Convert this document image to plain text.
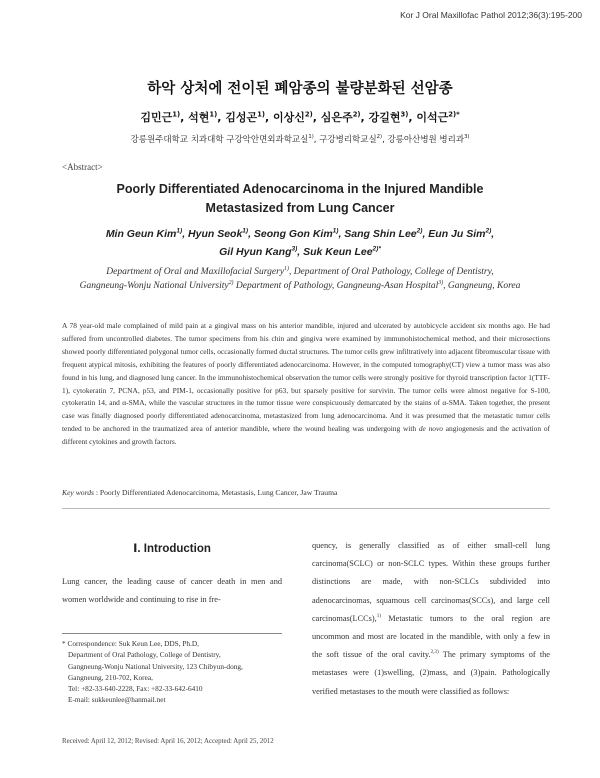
Kor J Oral Maxillofac Pathol 2012;36(3):195-200
하악 상처에 전이된 폐암종의 불량분화된 선암종
김민근$^{1)}$, 석현$^{1)}$, 김성곤$^{1)}$, 이상신$^{2)}$, 심은주$^{2)}$, 강길현$^{3)}$, 이석근$^{2)*}$
강릉원주대학교 치과대학 구강악안면외과학교실$^{1)}$, 구강병리학교실$^{2)}$, 강릉아산병원 병리과$^{3)}$
<Abstract>
Poorly Differentiated Adenocarcinoma in the Injured Mandible
Metastasized from Lung Cancer
Min Geun Kim$^{1)}$, Hyun Seok$^{1)}$, Seong Gon Kim$^{1)}$, Sang Shin Lee$^{2)}$, Eun Ju Sim$^{2)}$,
Gil Hyun Kang$^{3)}$, Suk Keun Lee$^{2)*}$
Department of Oral and Maxillofacial Surgery$^{1)}$, Department of Oral Pathology, College of Dentistry,
Gangneung-Wonju National University$^{2)}$ Department of Pathology, Gangneung-Asan Hospital$^{3)}$, Gangneung, Korea
A 78 year-old male complained of mild pain at a gingival mass on his anterior mandible, injured and ulcerated by autobicycle accident six months ago. He had suffered from uncontrolled diabetes. The tumor specimens from his chin and gingiva were examined by immunohistochemical method, and their microsections showed poorly differentiated polygonal tumor cells, occasionally formed ductal structures. The tumor cells grew infiltratively into adjacent fibromuscular tissue with frequent atypical mitosis, exhibiting the features of poorly differentiated adenocarcinoma. However, in the computed tomography(CT) view a tumor mass was also found in his lung, and diagnosed lung cancer. In the immunohistochemical observation the tumor cells were strongly positive for thyroid transcription factor 1(TTF-1), cytokeratin 7, PCNA, p53, and PIM-1, occasionally positive for p63, but sparsely positive for survivin. The tumor cells were almost negative for S-100, cytokeratin 14, and α-SMA, while the vascular structures in the tumor tissue were conspicuously demarcated by the stains of α-SMA. Taken together, the present case was finally diagnosed poorly differentiated adenocarcinoma, metastasized from lung adenocarcinoma. And it was presumed that the metastatic tumor cells tended to be anchored in the traumatized area of anterior mandible, where the wound healing was undergoing with de novo angiogenesis and the activation of different cytokines and growth factors.
Key words : Poorly Differentiated Adenocarcinoma, Metastasis, Lung Cancer, Jaw Trauma
Ⅰ. Introduction
Lung cancer, the leading cause of cancer death in men and women worldwide and continuing to rise in fre-
* Correspondence: Suk Keun Lee, DDS, Ph.D,
Department of Oral Pathology, College of Dentistry,
Gangneung-Wonju National University, 123 Chibyun-dong,
Gangneung, 210-702, Korea,
Tel: +82-33-640-2228, Fax: +82-33-642-6410
E-mail: sukkeunlee@hanmail.net
Received: April 12, 2012; Revised: April 16, 2012; Accepted: April 25, 2012
quency, is generally classified as of either small-cell lung carcinoma(SCLC) or non-SCLC types. Within these groups further distinctions are made, with non-SCLCs subdivided into adenocarcinomas, squamous cell carcinomas(SCCs), and large cell carcinomas(LCCs),$^{1)}$ Metastatic tumors to the oral region are uncommon and most are located in the mandible, with only a few in the soft tissue of the oral cavity.$^{2,3)}$ The primary symptoms of the metastases were (1)swelling, (2)mass, and (3)pain. Pathologically verified metastases to the mouth were classified as follows:
